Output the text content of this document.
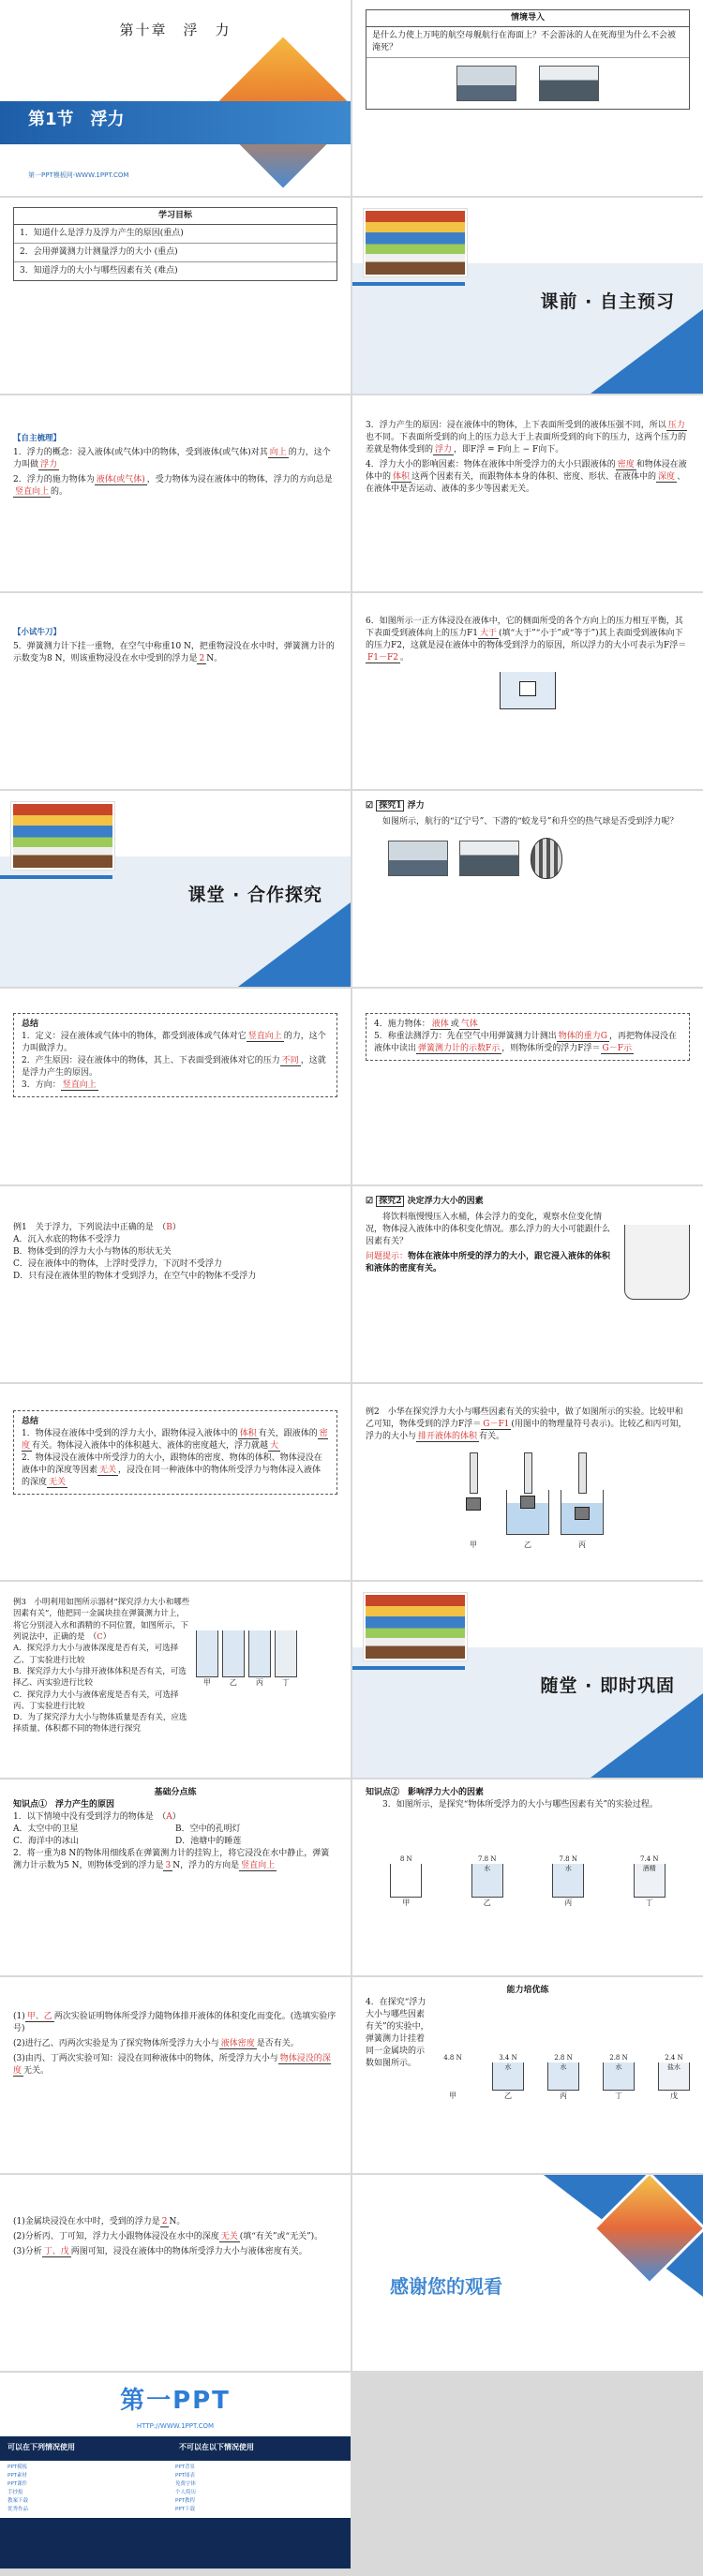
第十章　浮　力
第1节　浮力
第一PPT模板网-WWW.1PPT.COM
情境导入
是什么力使上万吨的航空母舰航行在海面上？不会游泳的人在死海里为什么不会被淹死？
学习目标
1．知道什么是浮力及浮力产生的原因(重点)
2．会用弹簧测力计测量浮力的大小 (重点)
3．知道浮力的大小与哪些因素有关 (难点)
课前 · 自主预习
【自主梳理】

1．浮力的概念：浸入液体(或气体)中的物体，受到液体(或气体)对其 向上 的力，这个力叫做 浮力

2．浮力的施力物体为 液体(或气体) ，受力物体为浸在液体中的物体，浮力的方向总是竖直向上 的。

3．浮力产生的原因：浸在液体中的物体，上下表面所受到的液体压强不同，所以 压力也不同。下表面所受到的向上的压力总大于上表面所受到的向下的压力，这两个压力的差就是物体受到的 浮力 ，即F浮 = F向上 − F向下。

4．浮力大小的影响因素：物体在液体中所受浮力的大小只跟液体的 密度 和物体浸在液体中的 体积 这两个因素有关，而跟物体本身的体积、密度、形状、在液体中的 深度 、在液体中是否运动、液体的多少等因素无关。

【小试牛刀】

5．弹簧测力计下挂一重物，在空气中称重10 N，把重物浸没在水中时，弹簧测力计的示数变为8 N，则该重物浸没在水中受到的浮力是 2 N。

6．如图所示一正方体浸没在液体中，它的侧面所受的各个方向上的压力相互平衡，其下表面受到液体向上的压力F1 大于 (填“大于”“小于”或“等于”)其上表面受到液体向下的压力F2，这就是浸在液体中的物体受到浮力的原因，所以浮力的大小可表示为F浮＝F1－F2 。

课堂 · 合作探究
☑ 探究1 浮力

如图所示，航行的“辽宁号”、下潜的“蛟龙号”和升空的热气球是否受到浮力呢？

总结

1．定义：浸在液体或气体中的物体，都受到液体或气体对它 竖直向上 的力，这个力叫做浮力。

2．产生原因：浸在液体中的物体，其上、下表面受到液体对它的压力 不同 ，这就是浮力产生的原因。

3．方向： 竖直向上

4．施力物体： 液体 或 气体

5．称重法测浮力：先在空气中用弹簧测力计测出 物体的重力G ，再把物体浸没在液体中读出 弹簧测力计的示数F示 ，则物体所受的浮力F浮＝ G－F示

例1　关于浮力，下列说法中正确的是　（B）

A．沉入水底的物体不受浮力

B．物体受到的浮力大小与物体的形状无关

C．浸在液体中的物体，上浮时受浮力，下沉时不受浮力

D．只有浸在液体里的物体才受到浮力，在空气中的物体不受浮力

☑ 探究2 决定浮力大小的因素

将饮料瓶慢慢压入水桶，体会浮力的变化，观察水位变化情况，物体浸入液体中的体积变化情况。那么浮力的大小可能跟什么因素有关？

问题提示：物体在液体中所受的浮力的大小，跟它浸入液体的体积和液体的密度有关。

总结

1．物体浸在液体中受到的浮力大小，跟物体浸入液体中的 体积 有关，跟液体的 密度 有关。物体浸入液体中的体积越大、液体的密度越大，浮力就越 大

2．物体浸没在液体中所受浮力的大小，跟物体的密度、物体的体积、物体浸没在液体中的深度等因素 无关 ，浸没在同一种液体中的物体所受浮力与物体浸入液体的深度 无关

例2　小华在探究浮力大小与哪些因素有关的实验中，做了如图所示的实验。比较甲和乙可知，物体受到的浮力F浮＝ G－F1 (用图中的物理量符号表示)。比较乙和丙可知，浮力的大小与 排开液体的体积 有关。

甲	乙	丙

例3　小明利用如图所示器材“探究浮力大小和哪些因素有关”，他把同一金属块挂在弹簧测力计上，将它分别浸入水和酒精的不同位置，如图所示，下列说法中，正确的是　（C）

A．探究浮力大小与液体深度是否有关，可选择乙、丁实验进行比较

B．探究浮力大小与排开液体体积是否有关，可选择乙、丙实验进行比较

C．探究浮力大小与液体密度是否有关，可选择丙、丁实验进行比较

D．为了探究浮力大小与物体质量是否有关，应选择质量、体积都不同的物体进行探究

甲	乙	丙	丁	随堂 · 即时巩固
基础分点练
知识点①　浮力产生的原因

1．以下情境中没有受到浮力的物体是　（A）

A．太空中的卫星	B．空中的孔明灯
C．海洋中的冰山	D．池塘中的睡莲

2．将一重为8 N的物体用细线系在弹簧测力计的挂钩上，将它浸没在水中静止，弹簧测力计示数为5 N，则物体受到的浮力是 3 N，浮力的方向是 竖直向上

知识点②　影响浮力大小的因素

3．如图所示，是探究“物体所受浮力的大小与哪些因素有关”的实验过程。

8 N
甲
7.8 N
水
乙
7.8 N
水
丙
7.4 N
酒精
丁

(1) 甲、乙 两次实验证明物体所受浮力随物体排开液体的体积变化而变化。(选填实验序号)

(2)进行乙、丙两次实验是为了探究物体所受浮力大小与 液体密度 是否有关。

(3)由丙、丁两次实验可知：浸没在同种液体中的物体，所受浮力大小与 物体浸没的深度 无关。

能力培优练

4．在探究“浮力大小与哪些因素有关”的实验中，弹簧测力计挂着同一金属块的示数如图所示。

4.8 N
甲
3.4 N
水
乙
2.8 N
水
丙
2.8 N
水
丁
2.4 N
盐水
戊

(1)金属块浸没在水中时，受到的浮力是 2 N。

(2)分析丙、丁可知，浮力大小跟物体浸没在水中的深度 无关 (填“有关”或“无关”)。

(3)分析 丁、戊 两图可知，浸没在液体中的物体所受浮力大小与液体密度有关。

感谢您的观看
第一PPT
HTTP://WWW.1PPT.COM
可以在下列情况使用	不可以在以下情况使用
PPT模板	PPT背景
PPT素材	PPT图表
PPT课件	免费字体
手抄报	个人简历
教案下载	PPT教程
优秀作品	PPT下载
